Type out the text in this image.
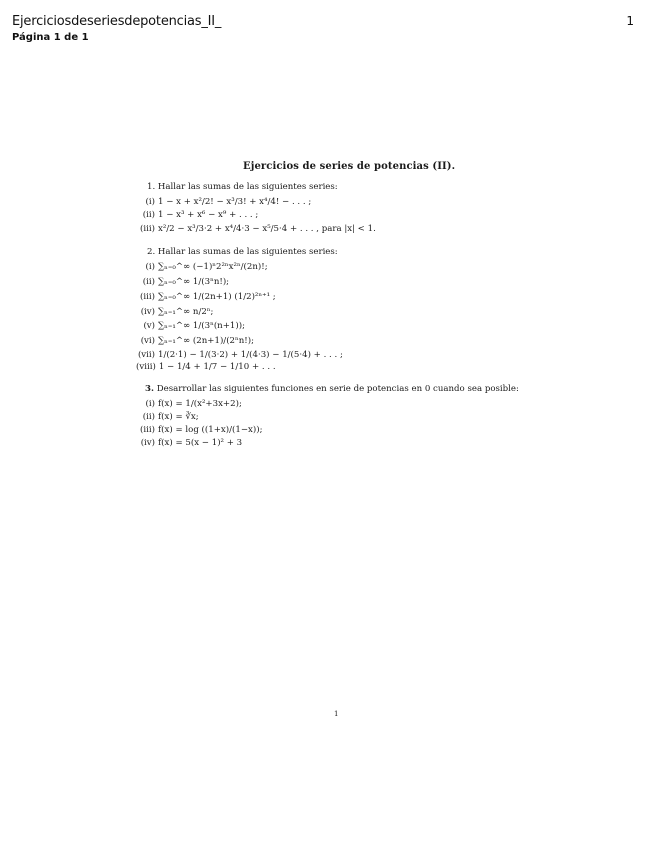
Ejerciciosdeseriesdepotencias_II_
Página 1 de 1
1
Ejercicios de series de potencias (II).
1. Hallar las sumas de las siguientes series:
(i) 1 − x + x²/2! − x³/3! + x⁴/4! − . . . ;
(ii) 1 − x³ + x⁶ − x⁹ + . . . ;
(iii) x²/2 − x³/3·2 + x⁴/4·3 − x⁵/5·4 + . . . , para |x| < 1.
2. Hallar las sumas de las siguientes series:
(i) ∑ₙ₌₀^∞ (−1)ⁿ2²ⁿx²ⁿ/(2n)!;
(ii) ∑ₙ₌₀^∞ 1/(3ⁿn!);
(iii) ∑ₙ₌₀^∞ 1/(2n+1) (1/2)²ⁿ⁺¹ ;
(iv) ∑ₙ₌₁^∞ n/2ⁿ;
(v) ∑ₙ₌₁^∞ 1/(3ⁿ(n+1));
(vi) ∑ₙ₌₁^∞ (2n+1)/(2ⁿn!);
(vii) 1/(2·1) − 1/(3·2) + 1/(4·3) − 1/(5·4) + . . . ;
(viii) 1 − 1/4 + 1/7 − 1/10 + . . .
3. Desarrollar las siguientes funciones en serie de potencias en 0 cuando sea posible:
(i) f(x) = 1/(x²+3x+2);
(ii) f(x) = ∛x;
(iii) f(x) = log ((1+x)/(1−x));
(iv) f(x) = 5(x − 1)² + 3
1
